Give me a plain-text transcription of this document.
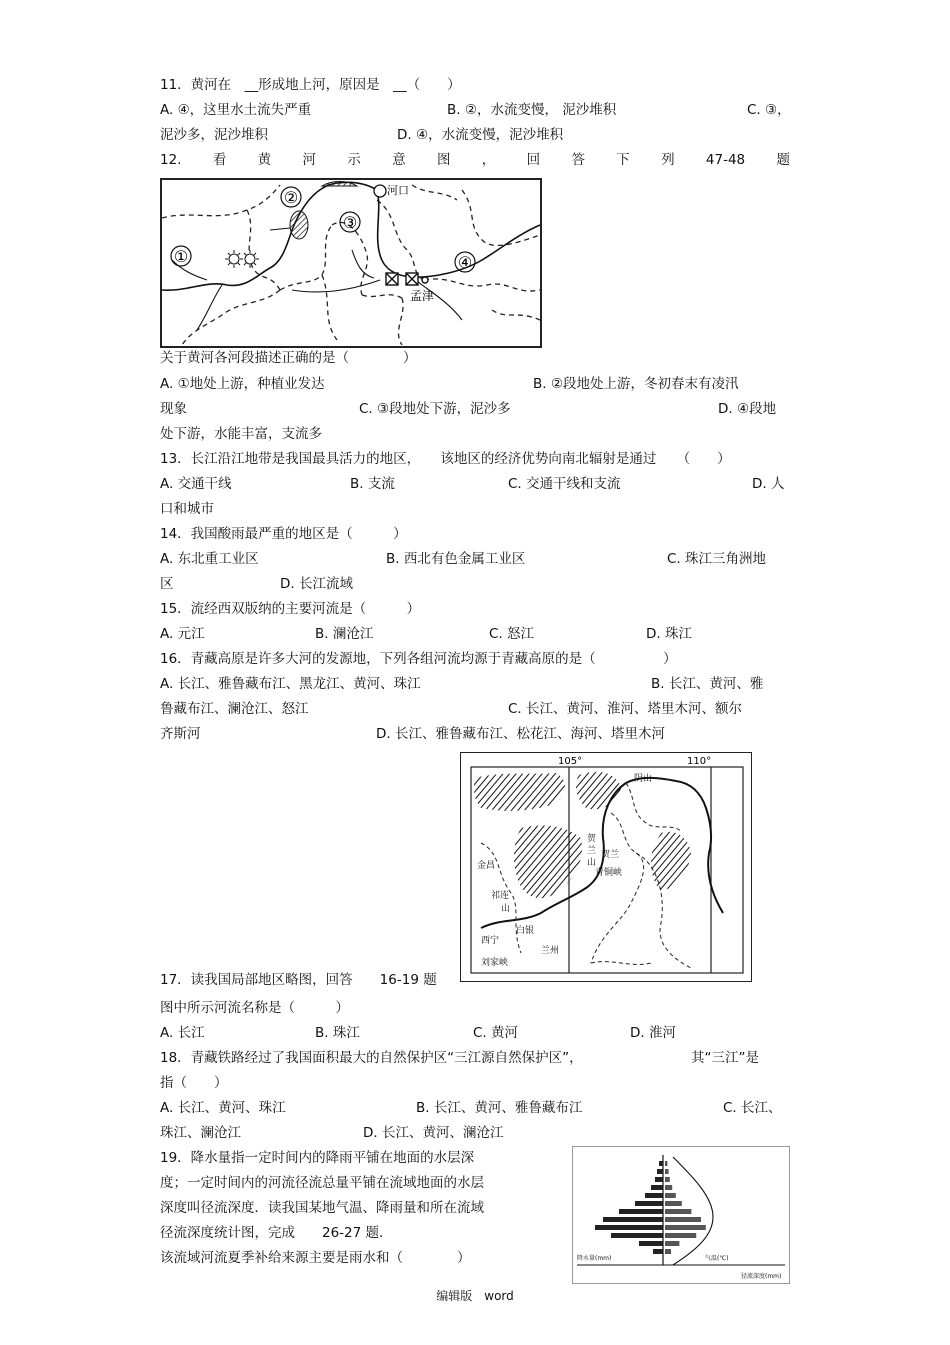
11．黄河在　__形成地上河，原因是　__（　　）
A. ④，这里水土流失严重	B. ②，水流变慢， 泥沙堆积	C. ③，
泥沙多，泥沙堆积	D. ④，水流变慢，泥沙堆积
12. 看 黄 河 示 意 图 ， 回 答 下 列 47-48 题
①
②
③
④
河口
孟津
关于黄河各河段描述正确的是（　　　　）
A. ①地处上游，种植业发达	B. ②段地处上游，冬初春末有凌汛
现象	C. ③段地处下游，泥沙多	D. ④段地
处下游，水能丰富，支流多
13．长江沿江地带是我国最具活力的地区，　　该地区的经济优势向南北辐射是通过　　（　　）
A. 交通干线	B. 支流	C. 交通干线和支流	D. 人
口和城市
14．我国酸雨最严重的地区是（　　　）
A. 东北重工业区	B. 西北有色金属工业区	C. 珠江三角洲地
区	D. 长江流域
15．流经西双版纳的主要河流是（　　　）
A. 元江	B. 澜沧江	C. 怒江	D. 珠江
16．青藏高原是许多大河的发源地，下列各组河流均源于青藏高原的是（　　　　　）
A. 长江、雅鲁藏布江、黑龙江、黄河、珠江	B. 长江、黄河、雅
鲁藏布江、澜沧江、怒江	C. 长江、黄河、淮河、塔里木河、额尔
齐斯河	D. 长江、雅鲁藏布江、松花江、海河、塔里木河
105°	110°
阴山
贺
兰
山
青铜峡
贺兰
金昌
祁连
山
西宁
白银
兰州
刘家峡
17．读我国局部地区略图，回答　　16-19 题
图中所示河流名称是（　　　）
A. 长江	B. 珠江	C. 黄河	D. 淮河
18．青藏铁路经过了我国面积最大的自然保护区“三江源自然保护区”，	其“三江”是
指（　　）
A. 长江、黄河、珠江	B. 长江、黄河、雅鲁藏布江	C. 长江、
珠江、澜沧江	D. 长江、黄河、澜沧江
19．降水量指一定时间内的降雨平铺在地面的水层深
度；一定时间内的河流径流总量平铺在流域地面的水层
深度叫径流深度．读我国某地气温、降雨量和所在流域
径流深度统计图，完成　　26-27 题.
该流域河流夏季补给来源主要是雨水和（　　　　）	降水量(mm)	气温(℃)
径流深度(mm)
编辑版　word
